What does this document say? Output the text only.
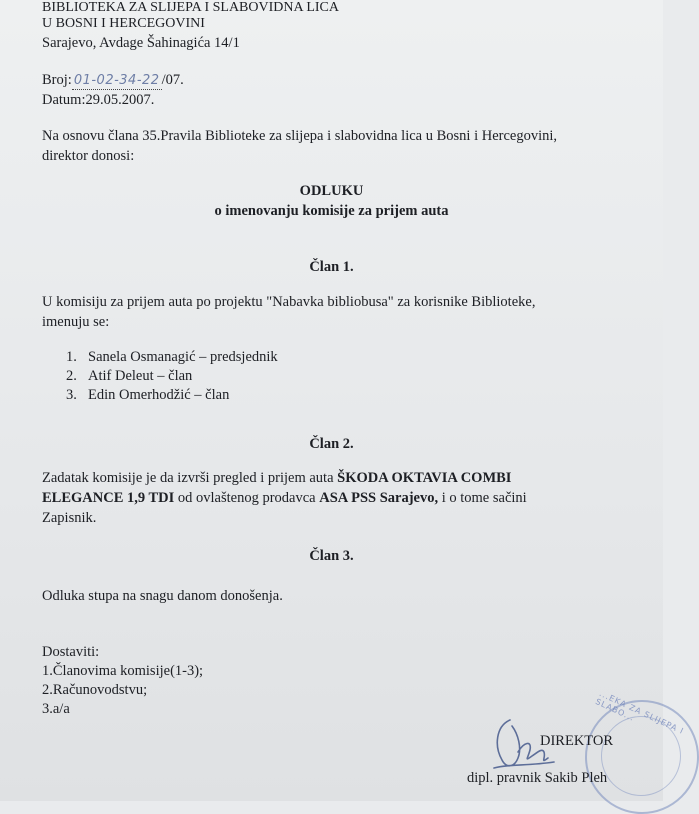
BIBLIOTEKA ZA SLIJEPA I SLABOVIDNA LICA
U BOSNI I HERCEGOVINI
Sarajevo, Avdage Šahinagića 14/1
Broj: 01-02-34-22 /07.
Datum:29.05.2007.
Na osnovu člana 35.Pravila Biblioteke za slijepa i slabovidna lica u Bosni i Hercegovini,
direktor donosi:
ODLUKU
o imenovanju komisije za prijem auta
Član 1.
U komisiju za prijem auta po projektu "Nabavka bibliobusa" za korisnike Biblioteke,
imenuju se:
1. Sanela Osmanagić – predsjednik
2. Atif Deleut – član
3. Edin Omerhodžić – član
Član 2.
Zadatak komisije je da izvrši pregled i prijem auta ŠKODA OKTAVIA COMBI
ELEGANCE 1,9 TDI od ovlaštenog prodavca ASA PSS Sarajevo, i o tome sačini
Zapisnik.
Član 3.
Odluka stupa na snagu danom donošenja.
Dostaviti:
1.Članovima komisije(1-3);
2.Računovodstvu;
3.a/a	...EKA ZA SLIJEPA I SLABO...
DIREKTOR
dipl. pravnik Sakib Pleh
